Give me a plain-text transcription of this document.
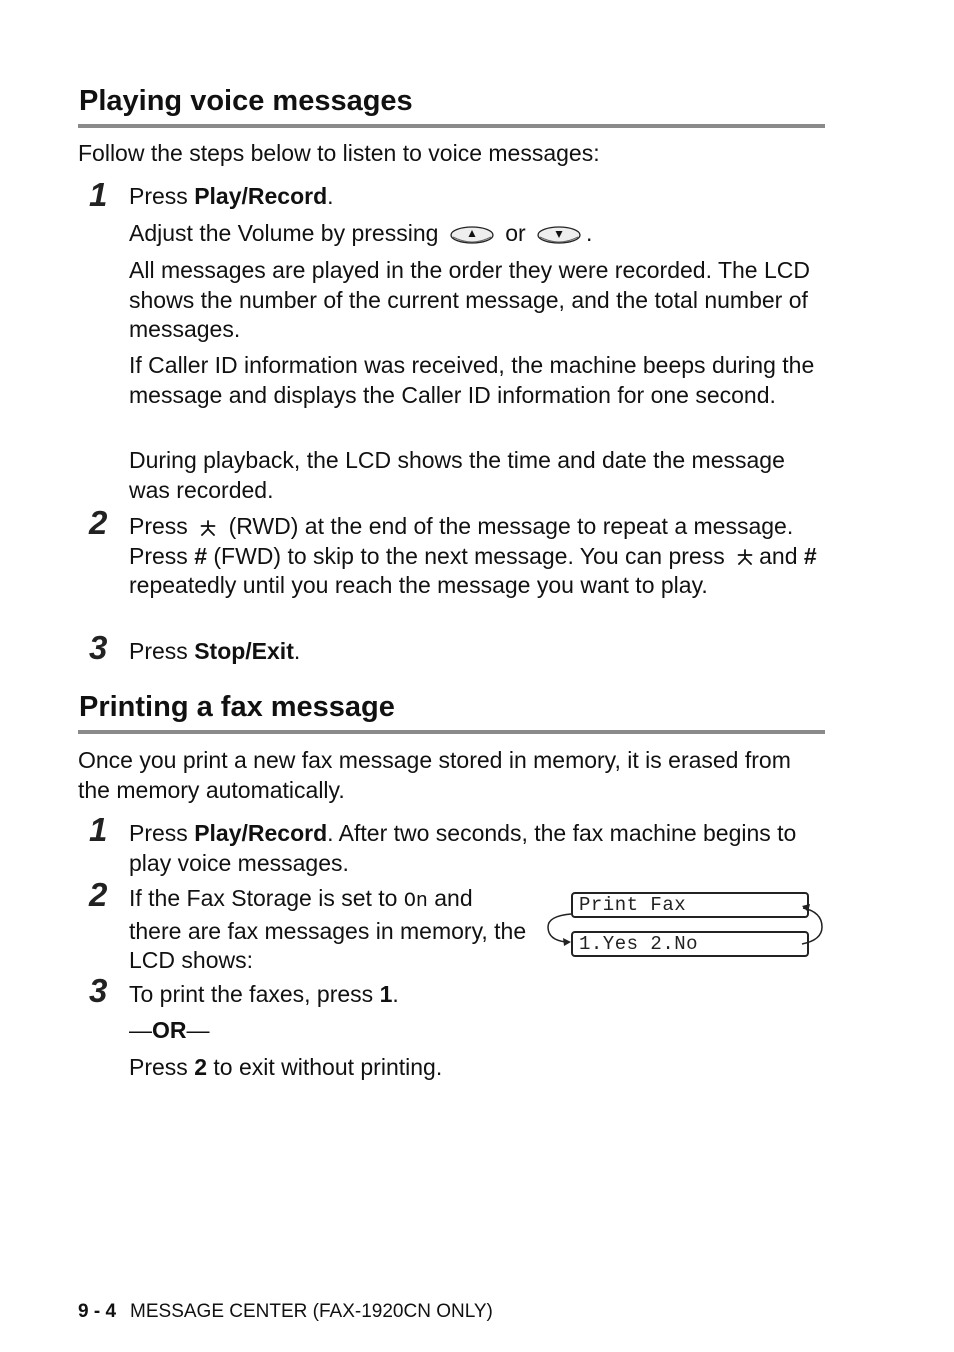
Playing voice messages

Follow the steps below to listen to voice messages:

1 Press Play/Record.

Adjust the Volume by pressing	or	.

All messages are played in the order they were recorded. The LCD shows the number of the current message, and the total number of messages.

If Caller ID information was received, the machine beeps during the message and displays the Caller ID information for one second.

During playback, the LCD shows the time and date the message was recorded.

2 Press (RWD) at the end of the message to repeat a message. Press # (FWD) to skip to the next message. You can press and # repeatedly until you reach the message you want to play.

3 Press Stop/Exit.

Printing a fax message

Once you print a new fax message stored in memory, it is erased from the memory automatically.

1 Press Play/Record. After two seconds, the fax machine begins to play voice messages.

2 If the Fax Storage is set to On and there are fax messages in memory, the LCD shows:

Print Fax
1.Yes 2.No
3 To print the faxes, press 1.

—OR—

Press 2 to exit without printing.

9 - 4 MESSAGE CENTER (FAX-1920CN ONLY)
